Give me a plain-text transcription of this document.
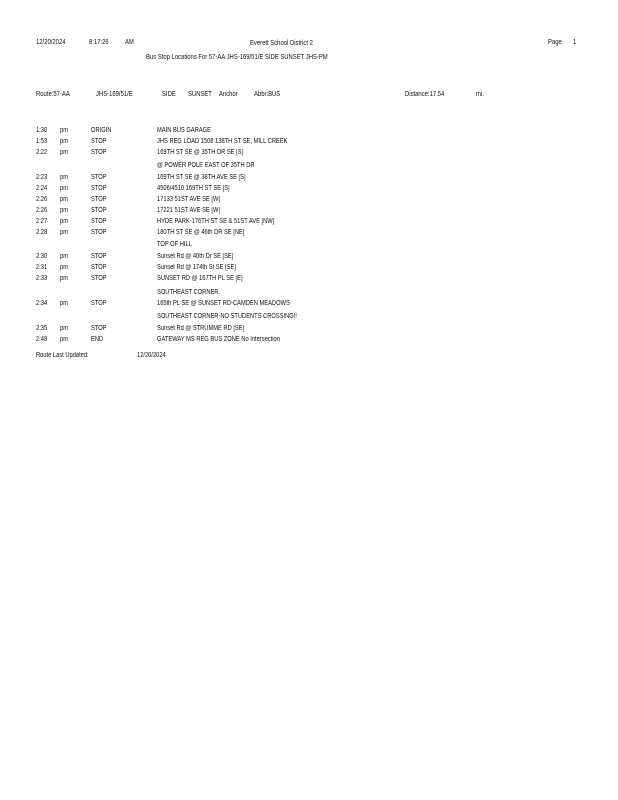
12/20/2024	8:17:26 AM	Everett School District 2	Page 1
Bus Stop Locations For 57-AA JHS-169/51/E SIDE SUNSET JHS-PM
Route:57-AA	JHS-169/51/E	SIDE SUNSET Anchor Abbr:BUS	Distance:17.54	mi.
1:30 pm	ORIGIN	MAIN BUS GARAGE
1:53 pm	STOP	JHS REG LOAD 1508 138TH ST SE, MILL CREEK
2:22 pm	STOP	169TH ST SE @ 35TH DR SE [S]
@ POWER POLE EAST OF 35TH DR
2:23 pm	STOP	169TH ST SE @ 38TH AVE SE [S]
2:24 pm	STOP	4506/4510 169TH ST SE [S]
2:26 pm	STOP	17133 51ST AVE SE [W]
2:26 pm	STOP	17221 51ST AVE SE [W]
2:27 pm	STOP	HYDE PARK-176TH ST SE & 51ST AVE [NW]
2:28 pm	STOP	180TH ST SE @ 46th DR SE [NE]
TOP OF HILL
2:30 pm	STOP	Sunset Rd @ 40th Dr SE [SE]
2:31 pm	STOP	Sunset Rd @ 174th St SE [SE]
2:33 pm	STOP	SUNSET RD @ 167TH PL SE [E]
SOUTHEAST CORNER
2:34 pm	STOP	165th PL SE @ SUNSET RD-CAMDEN MEADOWS
SOUTHEAST CORNER-NO STUDENTS CROSSING!!
2:35 pm	STOP	Sunset Rd @ STRUMME RD [SE]
2:48 pm	END	GATEWAY MS REG BUS ZONE No Intersection
Route Last Updated:	12/20/2024
